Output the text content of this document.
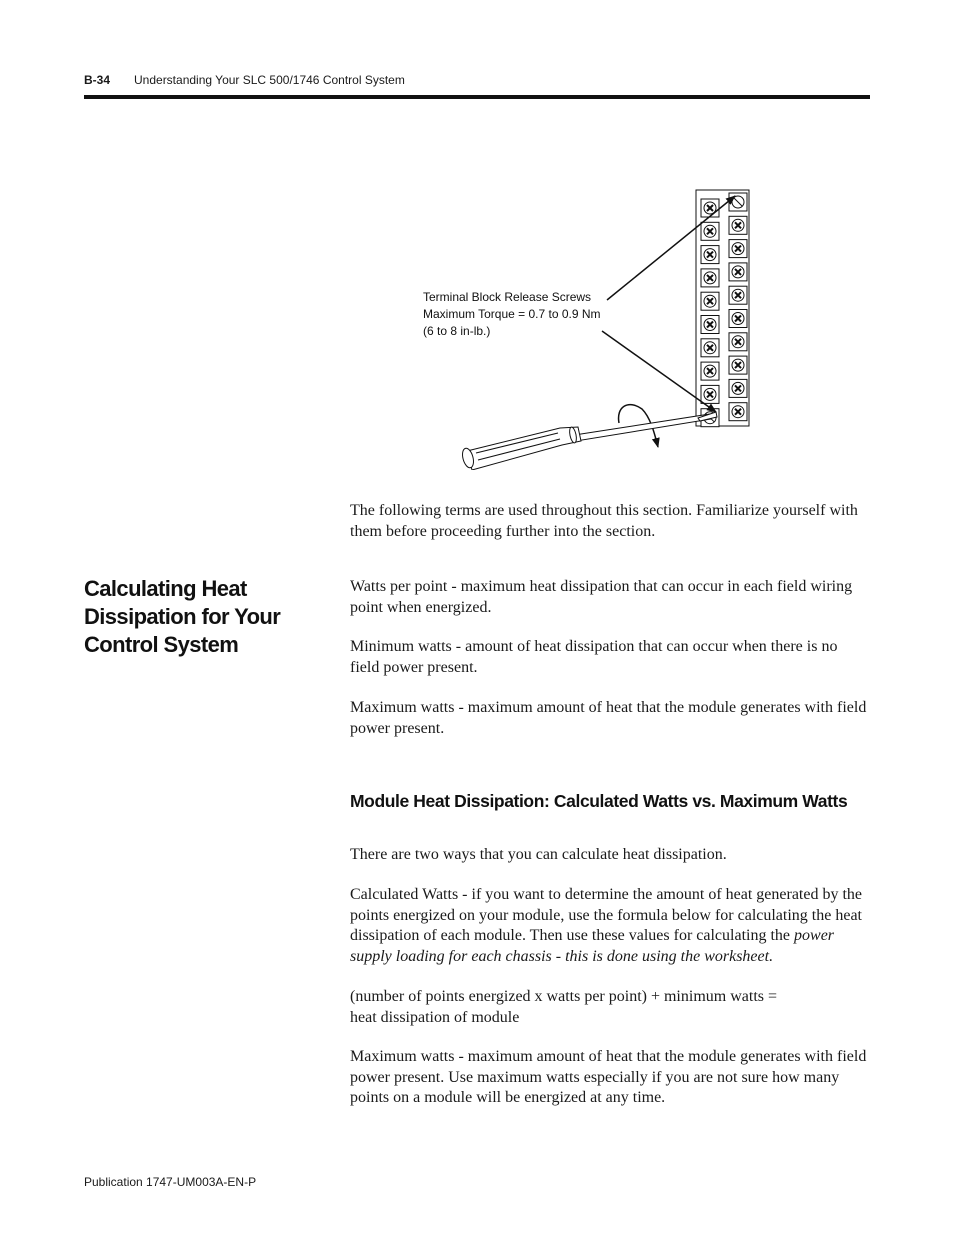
B-34 Understanding Your SLC 500/1746 Control System
Terminal Block Release Screws
Maximum Torque = 0.7 to 0.9 Nm
(6 to 8 in-lb.)

The following terms are used throughout this section. Familiarize yourself with them before proceeding further into the section.

Calculating Heat Dissipation for Your Control System

Watts per point - maximum heat dissipation that can occur in each field wiring point when energized.

Minimum watts - amount of heat dissipation that can occur when there is no field power present.

Maximum watts - maximum amount of heat that the module generates with field power present.

Module Heat Dissipation: Calculated Watts vs. Maximum Watts

There are two ways that you can calculate heat dissipation.

Calculated Watts - if you want to determine the amount of heat generated by the points energized on your module, use the formula below for calculating the heat dissipation of each module. Then use these values for calculating the power supply loading for each chassis - this is done using the worksheet.

(number of points energized x watts per point) + minimum watts =
heat dissipation of module

Maximum watts - maximum amount of heat that the module generates with field power present. Use maximum watts especially if you are not sure how many points on a module will be energized at any time.

Publication 1747-UM003A-EN-P
